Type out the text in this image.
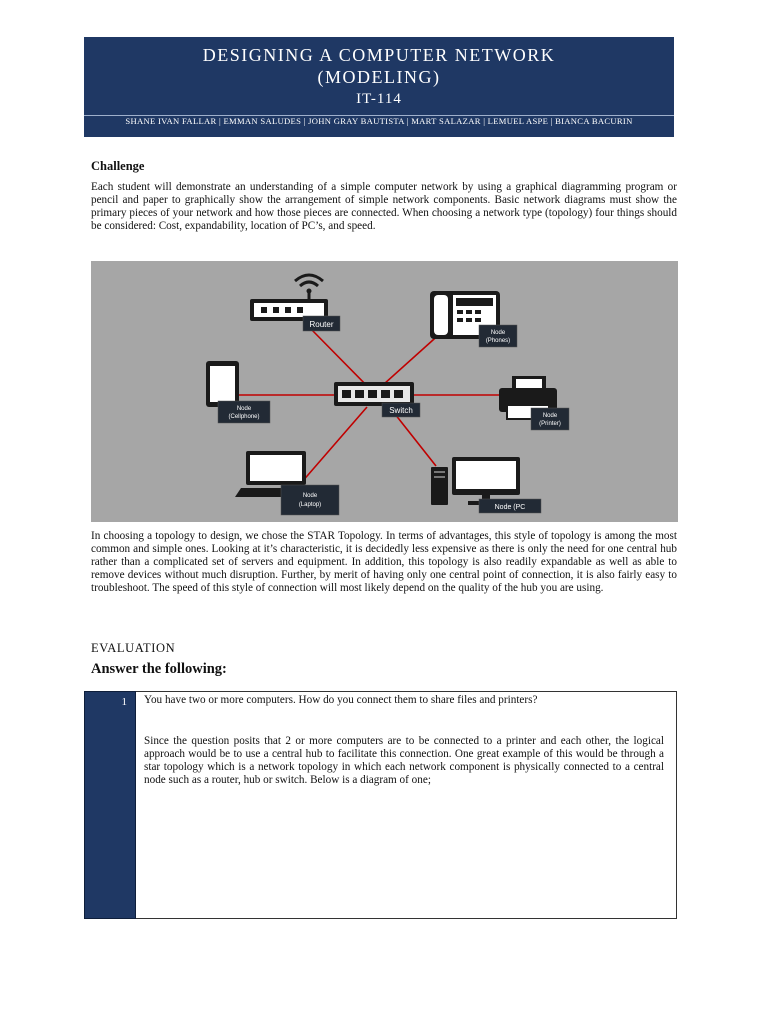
DESIGNING A COMPUTER NETWORK
(MODELING)
IT-114
SHANE IVAN FALLAR | EMMAN SALUDES | JOHN GRAY BAUTISTA | MART SALAZAR | LEMUEL ASPE | BIANCA BACURIN
Challenge

Each student will demonstrate an understanding of a simple computer network by using a graphical diagramming program or pencil and paper to graphically show the arrangement of simple network components. Basic network diagrams must show the primary pieces of your network and how those pieces are connected. When choosing a network type (topology) four things should be considered: Cost, expandability, location of PC’s, and speed.

Router
Node
(Phones)
Node
(Cellphone)
Switch
Node
(Printer)
Node
(Laptop)	Node (PC

In choosing a topology to design, we chose the STAR Topology. In terms of advantages, this style of topology is among the most common and simple ones. Looking at it’s characteristic, it is decidedly less expensive as there is only the need for one central hub rather than a complicated set of servers and equipment. In addition, this topology is also readily expandable as well as able to remove devices without much disruption. Further, by merit of having only one central point of connection, it is also fairly easy to troubleshoot. The speed of this style of connection will most likely depend on the quality of the hub you are using.

EVALUATION
Answer the following:
1 You have two or more computers. How do you connect them to share files and printers?

Since the question posits that 2 or more computers are to be connected to a printer and each other, the logical approach would be to use a central hub to facilitate this connection. One great example of this would be through a star topology which is a network topology in which each network component is physically connected to a central node such as a router, hub or switch. Below is a diagram of one;
